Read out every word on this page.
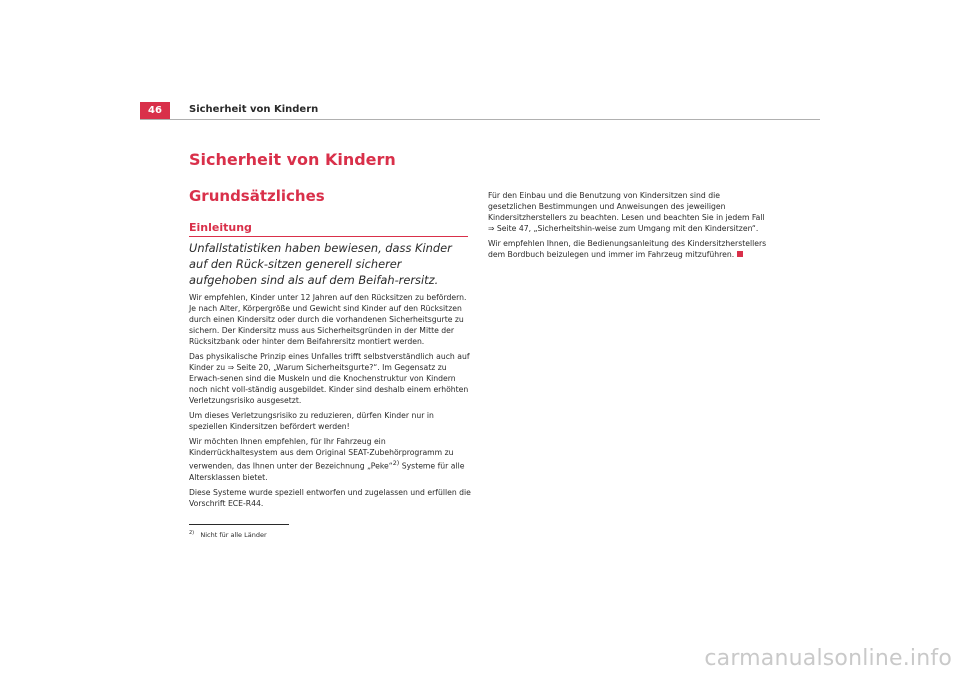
46	Sicherheit von Kindern
Sicherheit von Kindern
Grundsätzliches
Einleitung
Unfallstatistiken haben bewiesen, dass Kinder auf den Rück-sitzen generell sicherer aufgehoben sind als auf dem Beifah-rersitz.

Wir empfehlen, Kinder unter 12 Jahren auf den Rücksitzen zu befördern. Je nach Alter, Körpergröße und Gewicht sind Kinder auf den Rücksitzen durch einen Kindersitz oder durch die vorhandenen Sicherheitsgurte zu sichern. Der Kindersitz muss aus Sicherheitsgründen in der Mitte der Rücksitzbank oder hinter dem Beifahrersitz montiert werden.

Das physikalische Prinzip eines Unfalles trifft selbstverständlich auch auf Kinder zu ⇒ Seite 20, „Warum Sicherheitsgurte?“. Im Gegensatz zu Erwach-senen sind die Muskeln und die Knochenstruktur von Kindern noch nicht voll-ständig ausgebildet. Kinder sind deshalb einem erhöhten Verletzungsrisiko ausgesetzt.

Um dieses Verletzungsrisiko zu reduzieren, dürfen Kinder nur in speziellen Kindersitzen befördert werden!

Wir möchten Ihnen empfehlen, für Ihr Fahrzeug ein Kinderrückhaltesystem aus dem Original SEAT-Zubehörprogramm zu verwenden, das Ihnen unter der Bezeichnung „Peke“$^{2)}$ Systeme für alle Altersklassen bietet.

Diese Systeme wurde speziell entworfen und zugelassen und erfüllen die Vorschrift ECE-R44.

Für den Einbau und die Benutzung von Kindersitzen sind die gesetzlichen Bestimmungen und Anweisungen des jeweiligen Kindersitzherstellers zu beachten. Lesen und beachten Sie in jedem Fall ⇒ Seite 47, „Sicherheitshin-weise zum Umgang mit den Kindersitzen“.

Wir empfehlen Ihnen, die Bedienungsanleitung des Kindersitzherstellers dem Bordbuch beizulegen und immer im Fahrzeug mitzuführen.

$^{2)}$ Nicht für alle Länder
carmanualsonline.info
